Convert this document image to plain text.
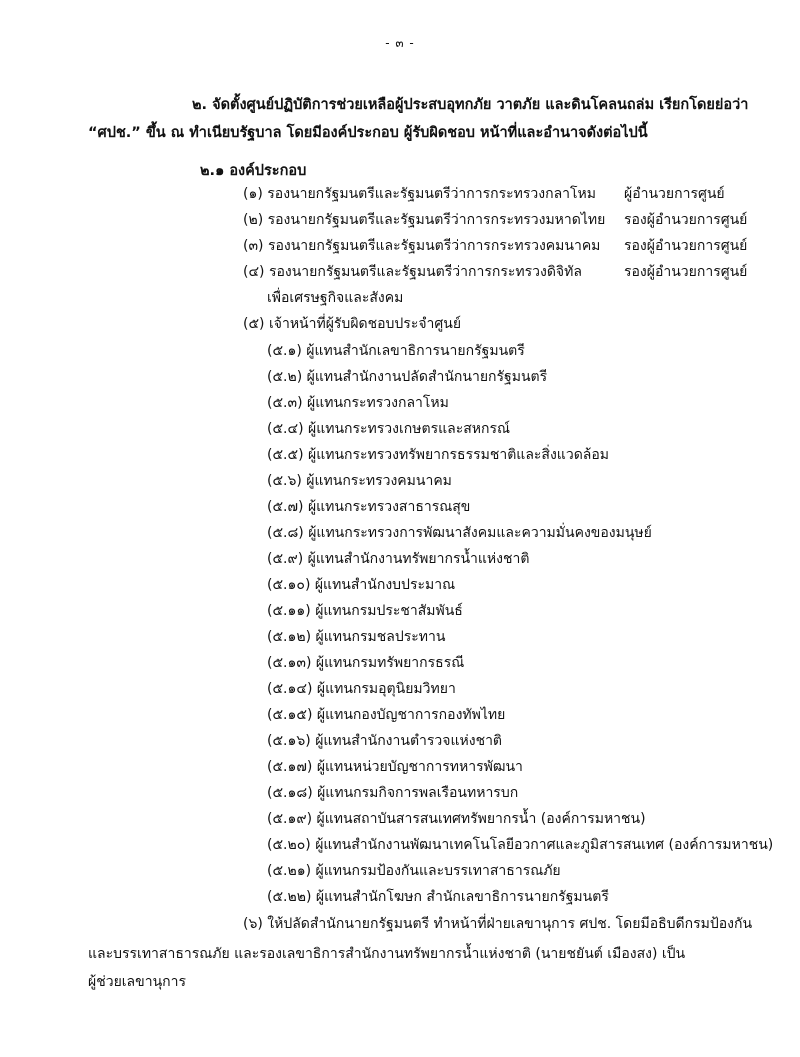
- ๓ -
๒. จัดตั้งศูนย์ปฏิบัติการช่วยเหลือผู้ประสบอุทกภัย วาตภัย และดินโคลนถล่ม เรียกโดยย่อว่า
“ศปช.” ขึ้น ณ ทำเนียบรัฐบาล โดยมีองค์ประกอบ ผู้รับผิดชอบ หน้าที่และอำนาจดังต่อไปนี้
๒.๑ องค์ประกอบ
(๑) รองนายกรัฐมนตรีและรัฐมนตรีว่าการกระทรวงกลาโหม ผู้อำนวยการศูนย์
(๒) รองนายกรัฐมนตรีและรัฐมนตรีว่าการกระทรวงมหาดไทย รองผู้อำนวยการศูนย์
(๓) รองนายกรัฐมนตรีและรัฐมนตรีว่าการกระทรวงคมนาคม รองผู้อำนวยการศูนย์
(๔) รองนายกรัฐมนตรีและรัฐมนตรีว่าการกระทรวงดิจิทัล	รองผู้อำนวยการศูนย์
เพื่อเศรษฐกิจและสังคม
(๕) เจ้าหน้าที่ผู้รับผิดชอบประจำศูนย์
(๕.๑) ผู้แทนสำนักเลขาธิการนายกรัฐมนตรี
(๕.๒) ผู้แทนสำนักงานปลัดสำนักนายกรัฐมนตรี
(๕.๓) ผู้แทนกระทรวงกลาโหม
(๕.๔) ผู้แทนกระทรวงเกษตรและสหกรณ์
(๕.๕) ผู้แทนกระทรวงทรัพยากรธรรมชาติและสิ่งแวดล้อม
(๕.๖) ผู้แทนกระทรวงคมนาคม
(๕.๗) ผู้แทนกระทรวงสาธารณสุข
(๕.๘) ผู้แทนกระทรวงการพัฒนาสังคมและความมั่นคงของมนุษย์
(๕.๙) ผู้แทนสำนักงานทรัพยากรน้ำแห่งชาติ
(๕.๑๐) ผู้แทนสำนักงบประมาณ
(๕.๑๑) ผู้แทนกรมประชาสัมพันธ์
(๕.๑๒) ผู้แทนกรมชลประทาน
(๕.๑๓) ผู้แทนกรมทรัพยากรธรณี
(๕.๑๔) ผู้แทนกรมอุตุนิยมวิทยา
(๕.๑๕) ผู้แทนกองบัญชาการกองทัพไทย
(๕.๑๖) ผู้แทนสำนักงานตำรวจแห่งชาติ
(๕.๑๗) ผู้แทนหน่วยบัญชาการทหารพัฒนา
(๕.๑๘) ผู้แทนกรมกิจการพลเรือนทหารบก
(๕.๑๙) ผู้แทนสถาบันสารสนเทศทรัพยากรน้ำ (องค์การมหาชน)
(๕.๒๐) ผู้แทนสำนักงานพัฒนาเทคโนโลยีอวกาศและภูมิสารสนเทศ (องค์การมหาชน)
(๕.๒๑) ผู้แทนกรมป้องกันและบรรเทาสาธารณภัย
(๕.๒๒) ผู้แทนสำนักโฆษก สำนักเลขาธิการนายกรัฐมนตรี
(๖) ให้ปลัดสำนักนายกรัฐมนตรี ทำหน้าที่ฝ่ายเลขานุการ ศปช. โดยมีอธิบดีกรมป้องกัน
และบรรเทาสาธารณภัย และรองเลขาธิการสำนักงานทรัพยากรน้ำแห่งชาติ (นายชยันต์ เมืองสง) เป็น
ผู้ช่วยเลขานุการ
